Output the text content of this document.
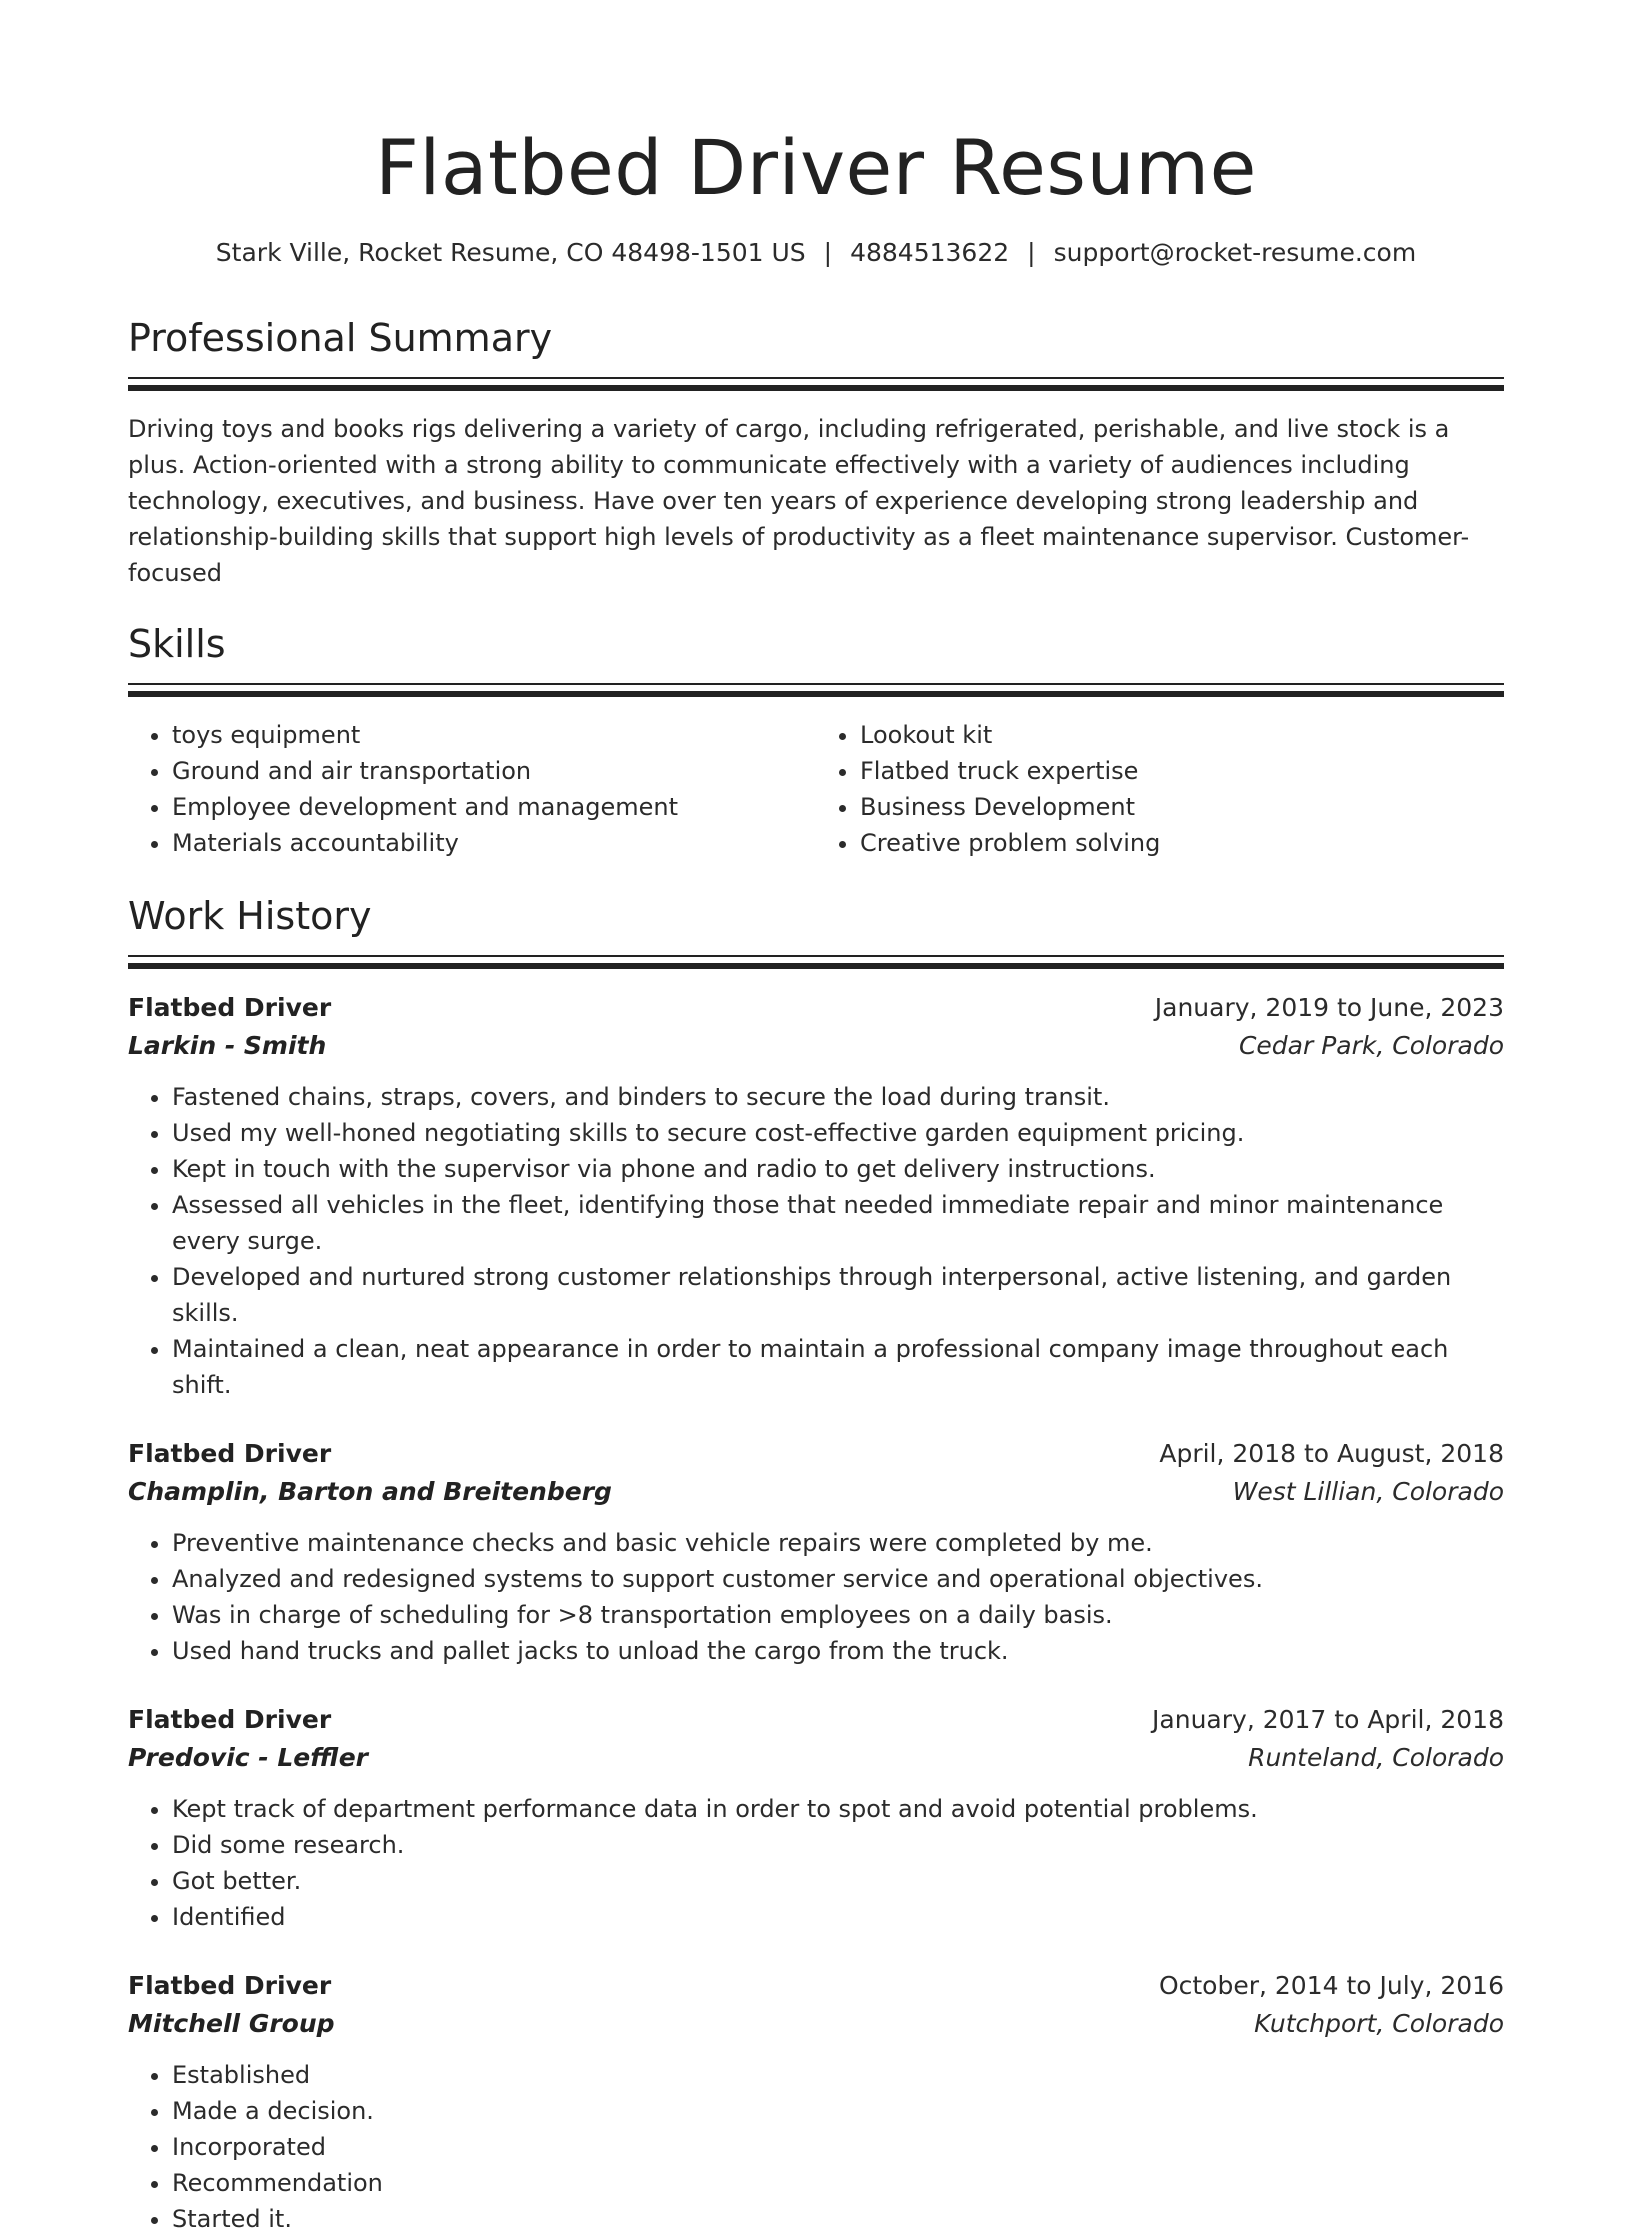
Flatbed Driver Resume
Stark Ville, Rocket Resume, CO 48498-1501 US | 4884513622 | support@rocket-resume.com
Professional Summary

Driving toys and books rigs delivering a variety of cargo, including refrigerated, perishable, and live stock is a plus. Action-oriented with a strong ability to communicate effectively with a variety of audiences including technology, executives, and business. Have over ten years of experience developing strong leadership and relationship-building skills that support high levels of productivity as a fleet maintenance supervisor. Customer-focused

Skills
• toys equipment
• Ground and air transportation
• Employee development and management
• Materials accountability
• Lookout kit
• Flatbed truck expertise
• Business Development
• Creative problem solving
Work History
Flatbed Driver	January, 2019 to June, 2023
Larkin - Smith	Cedar Park, Colorado
• Fastened chains, straps, covers, and binders to secure the load during transit.
• Used my well-honed negotiating skills to secure cost-effective garden equipment pricing.
• Kept in touch with the supervisor via phone and radio to get delivery instructions.
• Assessed all vehicles in the fleet, identifying those that needed immediate repair and minor maintenance every surge.
• Developed and nurtured strong customer relationships through interpersonal, active listening, and garden skills.
• Maintained a clean, neat appearance in order to maintain a professional company image throughout each shift.
Flatbed Driver	April, 2018 to August, 2018
Champlin, Barton and Breitenberg	West Lillian, Colorado
• Preventive maintenance checks and basic vehicle repairs were completed by me.
• Analyzed and redesigned systems to support customer service and operational objectives.
• Was in charge of scheduling for >8 transportation employees on a daily basis.
• Used hand trucks and pallet jacks to unload the cargo from the truck.
Flatbed Driver	January, 2017 to April, 2018
Predovic - Leffler	Runteland, Colorado
• Kept track of department performance data in order to spot and avoid potential problems.
• Did some research.
• Got better.
• Identified
Flatbed Driver	October, 2014 to July, 2016
Mitchell Group	Kutchport, Colorado
• Established
• Made a decision.
• Incorporated
• Recommendation
• Started it.
